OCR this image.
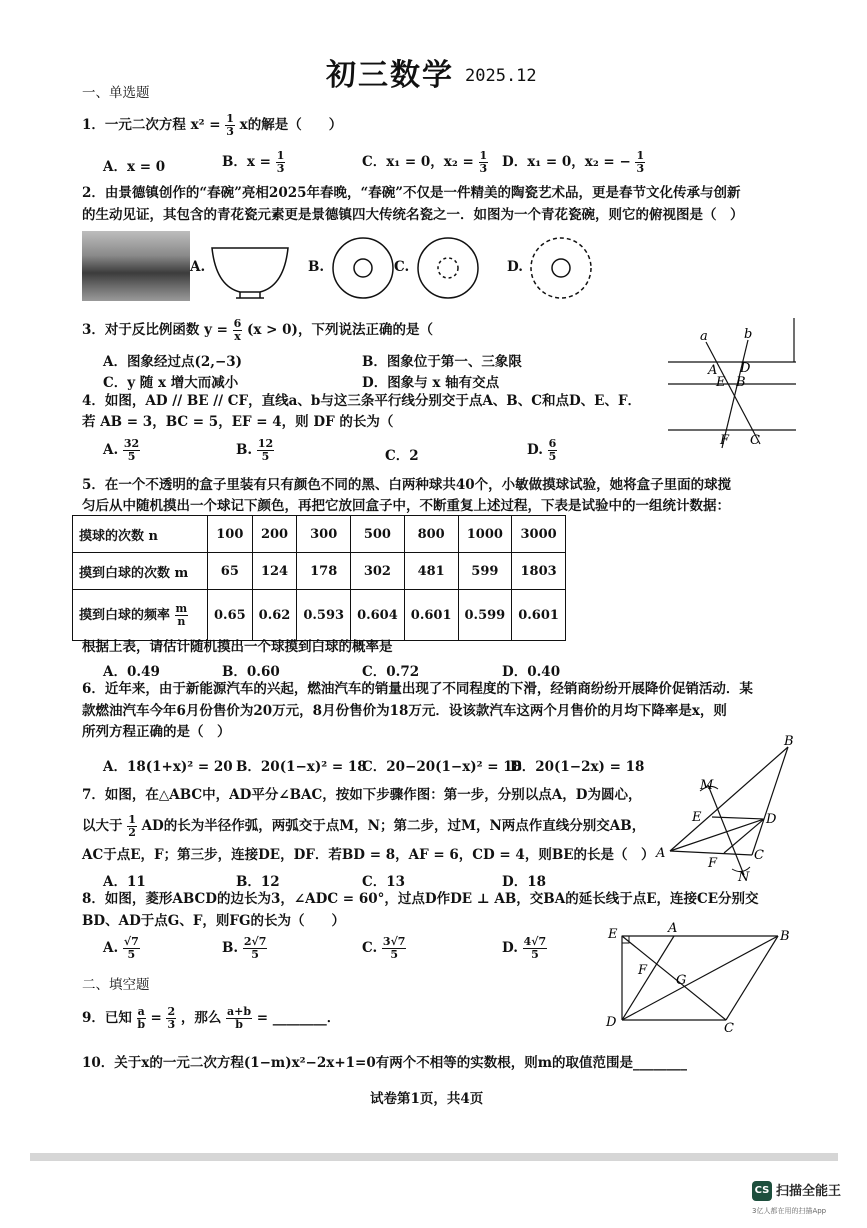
初三数学 2025.12
一、单选题
1．一元二次方程 $x^2 = \frac{1}{3}$ x的解是（　　）
A．x = 0	B．$x = \frac{1}{3}$	C．x₁ = 0，$x_2 = \frac{1}{3}$ D．x₁ = 0，x₂ = − $\frac{1}{3}$
2．由景德镇创作的“春碗”亮相2025年春晚，“春碗”不仅是一件精美的陶瓷艺术品，更是春节文化传承与创新
的生动见证，其包含的青花瓷元素更是景德镇四大传统名瓷之一．如图为一个青花瓷碗，则它的俯视图是（　）
A.	B.	C.	D.
3．对于反比例函数 $y = \frac{6}{x} (x > 0)$，下列说法正确的是（
A．图象经过点(2,−3)	B．图象位于第一、三象限
C．y 随 x 增大而减小	D．图象与 x 轴有交点
4．如图，AD // BE // CF，直线a、b与这三条平行线分别交于点A、B、C和点D、E、F．
若 AB = 3，BC = 5，EF = 4，则 DF 的长为（
A. $\frac{32}{5}$	B. $\frac{12}{5}$	C．2	D. $\frac{6}{5}$
a	b
A D
E B
F C
5．在一个不透明的盒子里装有只有颜色不同的黑、白两种球共40个，小敏做摸球试验，她将盒子里面的球搅
匀后从中随机摸出一个球记下颜色，再把它放回盒子中，不断重复上述过程，下表是试验中的一组统计数据：
摸球的次数 n	100	200	300	500	800	1000	3000
摸到白球的次数 m	65	124	178	302	481	599	1803
摸到白球的频率 $\frac{m}{n}$	0.65	0.62	0.593	0.604	0.601	0.599	0.601
根据上表，请估计随机摸出一个球摸到白球的概率是
A．0.49	B．0.60	C．0.72	D．0.40
6．近年来，由于新能源汽车的兴起，燃油汽车的销量出现了不同程度的下滑，经销商纷纷开展降价促销活动．某
款燃油汽车今年6月份售价为20万元，8月份售价为18万元．设该款汽车这两个月售价的月均下降率是x，则
所列方程正确的是（　）
A．18(1+x)² = 20 B．20(1−x)² = 18
C．20−20(1−x)² = 18
D．20(1−2x) = 18
7．如图，在△ABC中，AD平分∠BAC，按如下步骤作图：第一步，分别以点A，D为圆心，
以大于 $\frac{1}{2}$ AD的长为半径作弧，两弧交于点M，N；第二步，过M，N两点作直线分别交AB，
AC于点E，F；第三步，连接DE，DF．若BD = 8，AF = 6，CD = 4，则BE的长是（　）
A．11	B．12	C．13	D．18
B
M
E	D
A
F
C
N
8．如图，菱形ABCD的边长为3，∠ADC = 60°，过点D作DE ⊥ AB，交BA的延长线于点E，连接CE分别交
BD、AD于点G、F，则FG的长为（　　）
A. $\frac{√7}{5}$	B. $\frac{2√7}{5}$	C. $\frac{3√7}{5}$	D. $\frac{4√7}{5}$
E	A
B
F
G
D	C
二、填空题
9．已知 $\frac{a}{b} = \frac{2}{3}$ ，那么 $\frac{a+b}{b}$ = ________．
10．关于x的一元二次方程(1−m)x²−2x+1=0有两个不相等的实数根，则m的取值范围是________
试卷第1页，共4页
CS 扫描全能王
3亿人都在用的扫描App
